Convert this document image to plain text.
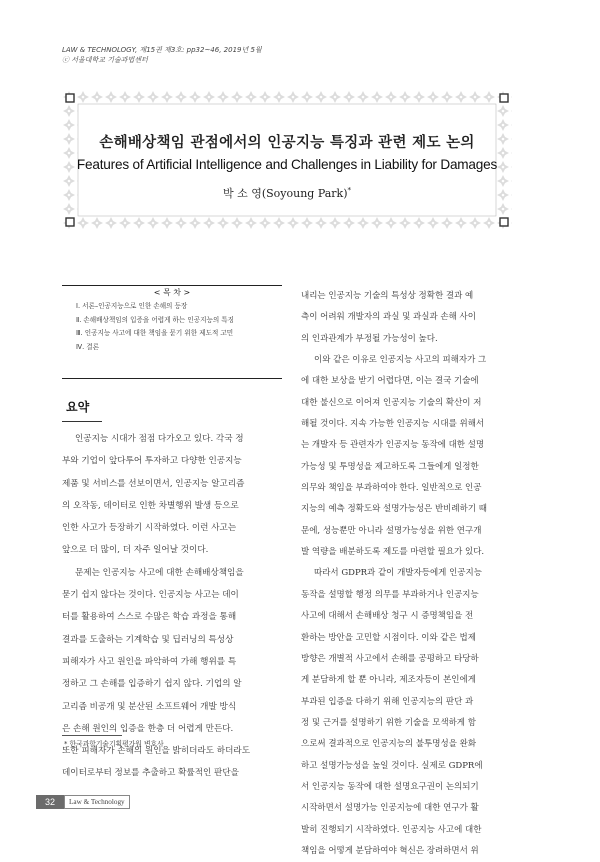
LAW & TECHNOLOGY, 제15권 제3호: pp32~46, 2019년 5월
ⓒ 서울대학교 기술과법센터
손해배상책임 관점에서의 인공지능 특징과 관련 제도 논의
Features of Artificial Intelligence and Challenges in Liability for Damages
박 소 영(Soyoung Park)*
< 목 차 >
Ⅰ. 서론–인공지능으로 인한 손해의 등장
Ⅱ. 손해배상책임의 입증을 어렵게 하는 인공지능의 특징
Ⅲ. 인공지능 사고에 대한 책임을 묻기 위한 제도적 고민
Ⅳ. 결론
요약
인공지능 시대가 점점 다가오고 있다. 각국 정
부와 기업이 앞다투어 투자하고 다양한 인공지능
제품 및 서비스를 선보이면서, 인공지능 알고리즘
의 오작동, 데이터로 인한 차별행위 발생 등으로
인한 사고가 등장하기 시작하였다. 이런 사고는
앞으로 더 많이, 더 자주 일어날 것이다.
문제는 인공지능 사고에 대한 손해배상책임을
묻기 쉽지 않다는 것이다. 인공지능 사고는 데이
터를 활용하여 스스로 수많은 학습 과정을 통해
결과를 도출하는 기계학습 및 딥러닝의 특성상
피해자가 사고 원인을 파악하여 가해 행위를 특
정하고 그 손해를 입증하기 쉽지 않다. 기업의 알
고리즘 비공개 및 분산된 소프트웨어 개발 방식
은 손해 원인의 입증을 한층 더 어렵게 만든다.
또한 피해자가 손해의 원인을 밝히더라도 하더라도
데이터로부터 정보를 추출하고 확률적인 판단을
내리는 인공지능 기술의 특성상 정확한 결과 예
측이 어려워 개발자의 과실 및 과실과 손해 사이
의 인과관계가 부정될 가능성이 높다.
이와 같은 이유로 인공지능 사고의 피해자가 그
에 대한 보상을 받기 어렵다면, 이는 결국 기술에
대한 불신으로 이어져 인공지능 기술의 확산이 저
해될 것이다. 지속 가능한 인공지능 시대를 위해서
는 개발자 등 관련자가 인공지능 동작에 대한 설명
가능성 및 투명성을 제고하도록 그들에게 일정한
의무와 책임을 부과하여야 한다. 일반적으로 인공
지능의 예측 정확도와 설명가능성은 반비례하기 때
문에, 성능뿐만 아니라 설명가능성을 위한 연구개
발 역량을 배분하도록 제도를 마련할 필요가 있다.
따라서 GDPR과 같이 개발자등에게 인공지능
동작을 설명할 행정 의무를 부과하거나 인공지능
사고에 대해서 손해배상 청구 시 증명책임을 전
환하는 방안을 고민할 시점이다. 이와 같은 법제
방향은 개별적 사고에서 손해를 공평하고 타당하
게 분담하게 할 뿐 아니라, 제조자등이 본인에게
부과된 입증을 다하기 위해 인공지능의 판단 과
정 및 근거를 설명하기 위한 기술을 모색하게 함
으로써 결과적으로 인공지능의 불투명성을 완화
하고 설명가능성을 높일 것이다. 실제로 GDPR에
서 인공지능 동작에 대한 설명요구권이 논의되기
시작하면서 설명가능 인공지능에 대한 연구가 활
발히 진행되기 시작하였다. 인공지능 사고에 대한
책임을 어떻게 분담하여야 혁신은 장려하면서 위
* 한국과학기술기획평가원 변호사
32	Law & Technology
